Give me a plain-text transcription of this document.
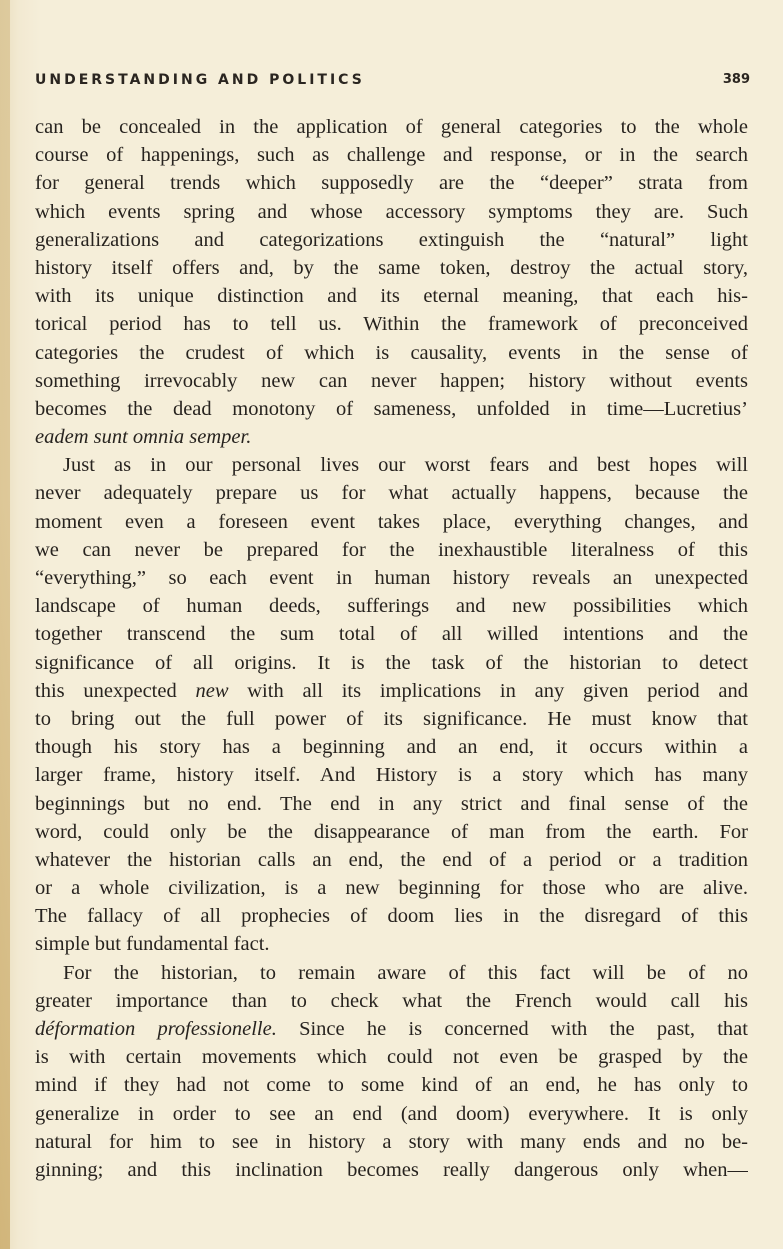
UNDERSTANDING AND POLITICS	389
can be concealed in the application of general categories to the whole
course of happenings, such as challenge and response, or in the search
for general trends which supposedly are the “deeper” strata from
which events spring and whose accessory symptoms they are. Such
generalizations and categorizations extinguish the “natural” light
history itself offers and, by the same token, destroy the actual story,
with its unique distinction and its eternal meaning, that each his-
torical period has to tell us. Within the framework of preconceived
categories the crudest of which is causality, events in the sense of
something irrevocably new can never happen; history without events
becomes the dead monotony of sameness, unfolded in time—Lucretius’
eadem sunt omnia semper.
Just as in our personal lives our worst fears and best hopes will
never adequately prepare us for what actually happens, because the
moment even a foreseen event takes place, everything changes, and
we can never be prepared for the inexhaustible literalness of this
“everything,” so each event in human history reveals an unexpected
landscape of human deeds, sufferings and new possibilities which
together transcend the sum total of all willed intentions and the
significance of all origins. It is the task of the historian to detect
this unexpected new with all its implications in any given period and
to bring out the full power of its significance. He must know that
though his story has a beginning and an end, it occurs within a
larger frame, history itself. And History is a story which has many
beginnings but no end. The end in any strict and final sense of the
word, could only be the disappearance of man from the earth. For
whatever the historian calls an end, the end of a period or a tradition
or a whole civilization, is a new beginning for those who are alive.
The fallacy of all prophecies of doom lies in the disregard of this
simple but fundamental fact.
For the historian, to remain aware of this fact will be of no
greater importance than to check what the French would call his
déformation professionelle. Since he is concerned with the past, that
is with certain movements which could not even be grasped by the
mind if they had not come to some kind of an end, he has only to
generalize in order to see an end (and doom) everywhere. It is only
natural for him to see in history a story with many ends and no be-
ginning; and this inclination becomes really dangerous only when—
